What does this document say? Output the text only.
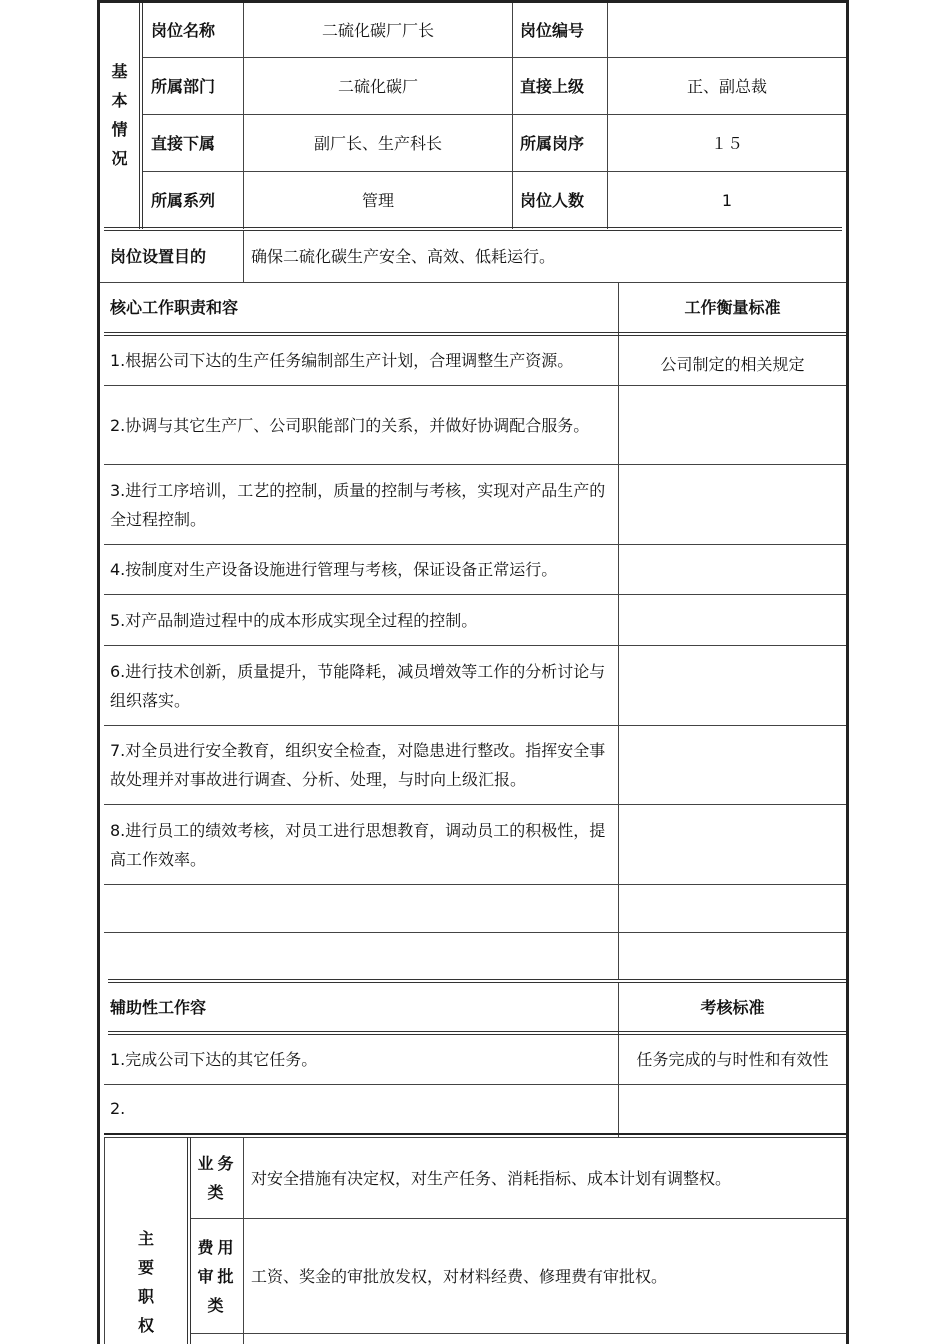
基
本
情
况
岗位名称	二硫化碳厂厂长	岗位编号
所属部门	二硫化碳厂	直接上级	正、副总裁
直接下属	副厂长、生产科长	所属岗序	１５
所属系列	管理	岗位人数	1
岗位设置目的	确保二硫化碳生产安全、高效、低耗运行。
核心工作职责和容	工作衡量标准
1.根据公司下达的生产任务编制部生产计划，合理调整生产资源。	公司制定的相关规定
2.协调与其它生产厂、公司职能部门的关系，并做好协调配合服务。
3.进行工序培训，工艺的控制，质量的控制与考核，实现对产品生产的全过程控制。
4.按制度对生产设备设施进行管理与考核，保证设备正常运行。
5.对产品制造过程中的成本形成实现全过程的控制。
6.进行技术创新，质量提升，节能降耗，减员增效等工作的分析讨论与组织落实。
7.对全员进行安全教育，组织安全检查，对隐患进行整改。指挥安全事故处理并对事故进行调查、分析、处理，与时向上级汇报。
8.进行员工的绩效考核，对员工进行思想教育，调动员工的积极性，提高工作效率。
辅助性工作容	考核标准
1.完成公司下达的其它任务。	任务完成的与时性和有效性
2.
主
要
职
权
业务
类
对安全措施有决定权，对生产任务、消耗指标、成本计划有调整权。
费用
审批
类
工资、奖金的审批放发权，对材料经费、修理费有审批权。
